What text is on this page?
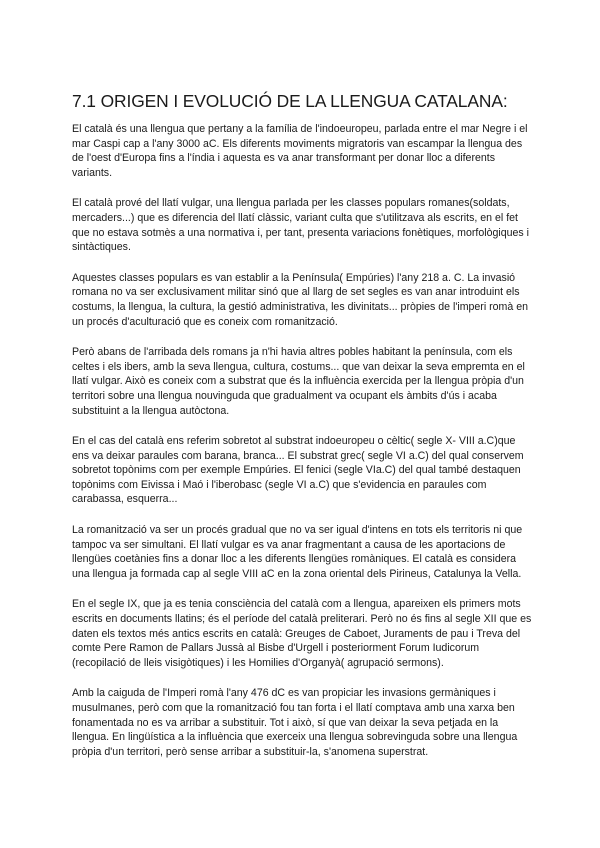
7.1 ORIGEN I EVOLUCIÓ DE LA LLENGUA CATALANA:

El català és una llengua que pertany a la família de l'indoeuropeu, parlada entre el mar Negre i el mar Caspi cap a l'any 3000 aC. Els diferents moviments migratoris van escampar la llengua des de l'oest d'Europa fins a l'índia i aquesta es va anar transformant per donar lloc a diferents variants.

El català prové del llatí vulgar, una llengua parlada per les classes populars romanes(soldats, mercaders...) que es diferencia del llatí clàssic, variant culta que s'utilitzava als escrits, en el fet que no estava sotmès a una normativa i, per tant, presenta variacions fonètiques, morfològiques i sintàctiques.

Aquestes classes populars es van establir a la Península( Empúries) l'any 218 a. C. La invasió romana no va ser exclusivament militar sinó que al llarg de set segles es van anar introduint els costums, la llengua, la cultura, la gestió administrativa, les divinitats... pròpies de l'imperi romà en un procés d'aculturació que es coneix com romanització.

Però abans de l'arribada dels romans ja n'hi havia altres pobles habitant la península, com els celtes i els ibers, amb la seva llengua, cultura, costums... que van deixar la seva empremta en el llatí vulgar. Això es coneix com a substrat que és la influència exercida per la llengua pròpia d'un territori sobre una llengua nouvinguda que gradualment va ocupant els àmbits d'ús i acaba substituint a la llengua autòctona.

En el cas del català ens referim sobretot al substrat indoeuropeu o cèltic( segle X- VIII a.C)que ens va deixar paraules com barana, branca... El substrat grec( segle VI a.C) del qual conservem sobretot topònims com per exemple Empúries. El fenici (segle VIa.C) del qual també destaquen topònims com Eivissa i Maó i l'iberobasc (segle VI a.C) que s'evidencia en paraules com carabassa, esquerra...

La romanització va ser un procés gradual que no va ser igual d'intens en tots els territoris ni que tampoc va ser simultani. El llatí vulgar es va anar fragmentant a causa de les aportacions de llengües coetànies fins a donar lloc a les diferents llengües romàniques. El català es considera una llengua ja formada cap al segle VIII aC en la zona oriental dels Pirineus, Catalunya la Vella.

En el segle IX, que ja es tenia consciència del català com a llengua, apareixen els primers mots escrits en documents llatins; és el període del català preliterari. Però no és fins al segle XII que es daten els textos més antics escrits en català: Greuges de Caboet, Juraments de pau i Treva del comte Pere Ramon de Pallars Jussà al Bisbe d'Urgell i posteriorment Forum Iudicorum (recopilació de lleis visigòtiques) i les Homilies d'Organyà( agrupació sermons).

Amb la caiguda de l'Imperi romà l'any 476 dC es van propiciar les invasions germàniques i musulmanes, però com que la romanització fou tan forta i el llatí comptava amb una xarxa ben fonamentada no es va arribar a substituir. Tot i això, sí que van deixar la seva petjada en la llengua. En lingüística a la influència que exerceix una llengua sobrevinguda sobre una llengua pròpia d'un territori, però sense arribar a substituir-la, s'anomena superstrat.
